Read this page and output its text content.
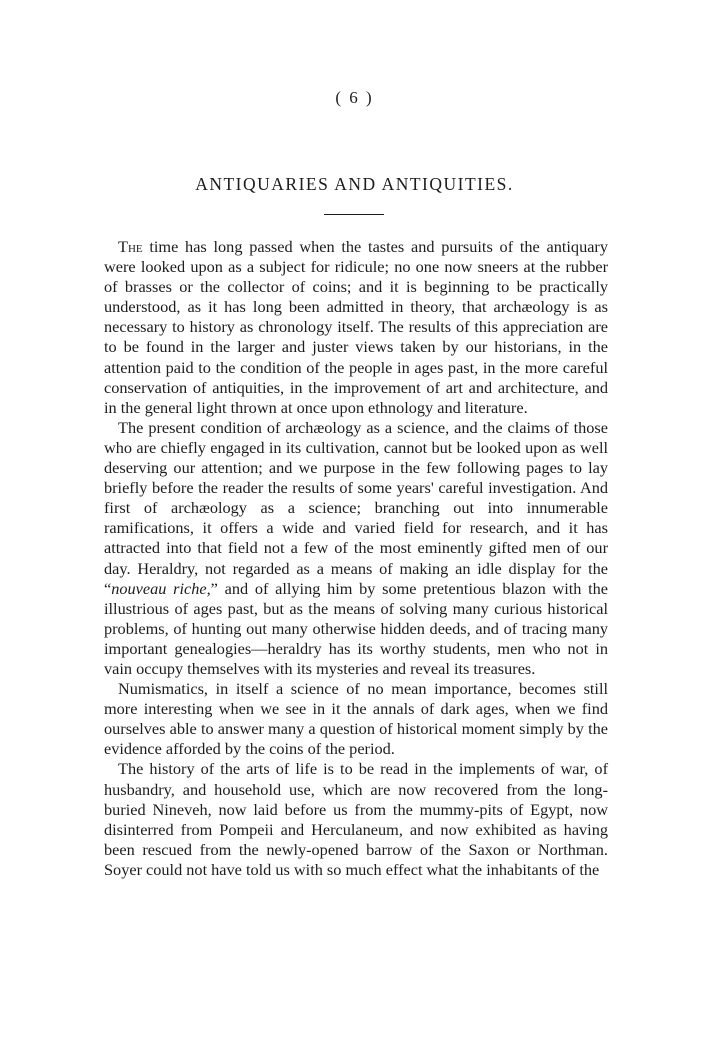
( 6 )
ANTIQUARIES AND ANTIQUITIES.

The time has long passed when the tastes and pursuits of the antiquary were looked upon as a subject for ridicule; no one now sneers at the rubber of brasses or the collector of coins; and it is beginning to be practically understood, as it has long been admitted in theory, that archæology is as necessary to history as chronology itself. The results of this appreciation are to be found in the larger and juster views taken by our historians, in the attention paid to the condition of the people in ages past, in the more careful conservation of antiquities, in the improvement of art and architecture, and in the general light thrown at once upon ethnology and literature.

The present condition of archæology as a science, and the claims of those who are chiefly engaged in its cultivation, cannot but be looked upon as well deserving our attention; and we purpose in the few following pages to lay briefly before the reader the results of some years' careful investigation. And first of archæology as a science; branching out into innumerable ramifications, it offers a wide and varied field for research, and it has attracted into that field not a few of the most eminently gifted men of our day. Heraldry, not regarded as a means of making an idle display for the “nouveau riche,” and of allying him by some pretentious blazon with the illustrious of ages past, but as the means of solving many curious historical problems, of hunting out many otherwise hidden deeds, and of tracing many important genealogies—heraldry has its worthy students, men who not in vain occupy themselves with its mysteries and reveal its treasures.

Numismatics, in itself a science of no mean importance, becomes still more interesting when we see in it the annals of dark ages, when we find ourselves able to answer many a question of historical moment simply by the evidence afforded by the coins of the period.

The history of the arts of life is to be read in the implements of war, of husbandry, and household use, which are now recovered from the long-buried Nineveh, now laid before us from the mummy-pits of Egypt, now disinterred from Pompeii and Herculaneum, and now exhibited as having been rescued from the newly-opened barrow of the Saxon or Northman. Soyer could not have told us with so much effect what the inhabitants of the
